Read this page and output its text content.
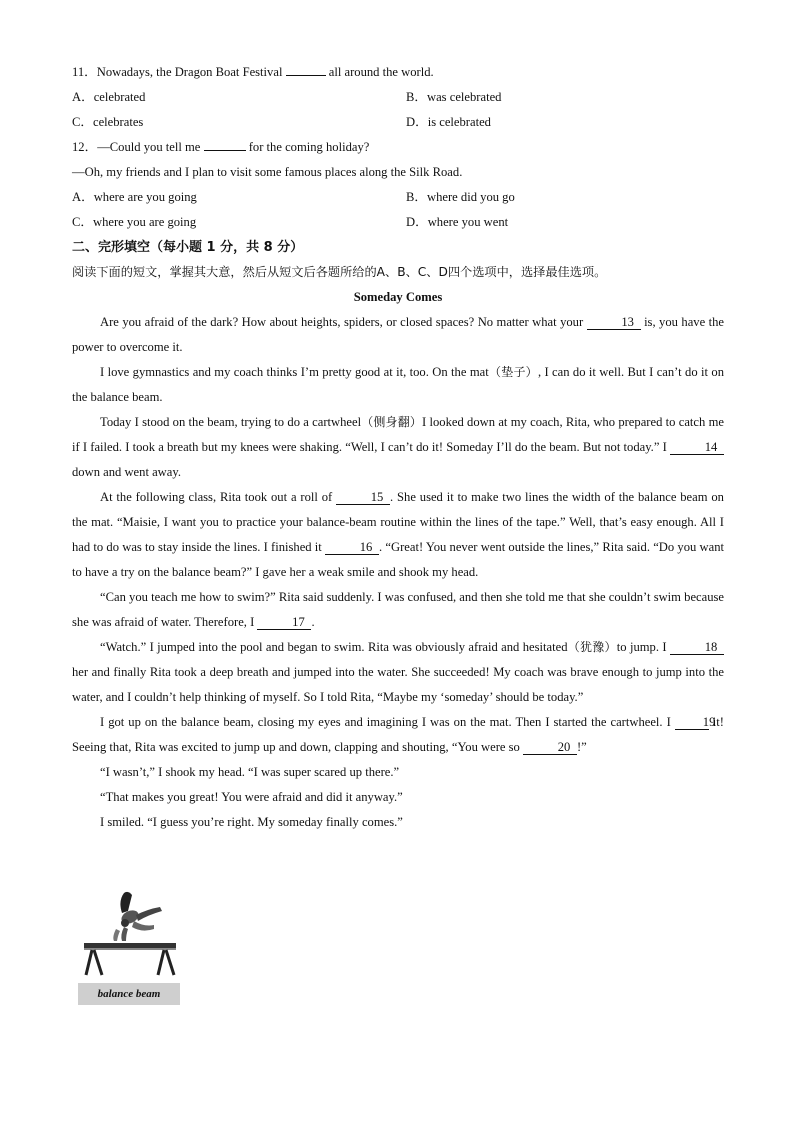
11．Nowadays, the Dragon Boat Festival	all around the world.
A．celebrated	B．was celebrated
C．celebrates	D．is celebrated
12．—Could you tell me	for the coming holiday?
—Oh, my friends and I plan to visit some famous places along the Silk Road.
A．where are you going	B．where did you go
C．where you are going	D．where you went
二、完形填空（每小题 1 分，共 8 分）
阅读下面的短文，掌握其大意，然后从短文后各题所给的A、B、C、D四个选项中，选择最佳选项。
Someday Comes

Are you afraid of the dark? How about heights, spiders, or closed spaces? No matter what your	13 is, you have the power to overcome it.

I love gymnastics and my coach thinks I’m pretty good at it, too. On the mat（垫子）, I can do it well. But I can’t do it on the balance beam.

Today I stood on the beam, trying to do a cartwheel（侧身翻）I looked down at my coach, Rita, who prepared to catch me if I failed. I took a breath but my knees were shaking. “Well, I can’t do it! Someday I’ll do the beam. But not today.” I	14 down and went away.

At the following class, Rita took out a roll of	15 . She used it to make two lines the width of the balance beam on the mat. “Maisie, I want you to practice your balance-beam routine within the lines of the tape.” Well, that’s easy enough. All I had to do was to stay inside the lines. I finished it	16 . “Great! You never went outside the lines,” Rita said. “Do you want to have a try on the balance beam?” I gave her a weak smile and shook my head.

“Can you teach me how to swim?” Rita said suddenly. I was confused, and then she told me that she couldn’t swim because she was afraid of water. Therefore, I	17 .

“Watch.” I jumped into the pool and began to swim. Rita was obviously afraid and hesitated（犹豫）to jump. I	18 her and finally Rita took a deep breath and jumped into the water. She succeeded! My coach was brave enough to jump into the water, and I couldn’t help thinking of myself. So I told Rita, “Maybe my ‘someday’ should be today.”

I got up on the balance beam, closing my eyes and imagining I was on the mat. Then I started the cartwheel. I	19 it! Seeing that, Rita was excited to jump up and down, clapping and shouting, “You were so	20 !”

“I wasn’t,” I shook my head. “I was super scared up there.”

“That makes you great! You were afraid and did it anyway.”

I smiled. “I guess you’re right. My someday finally comes.”

balance beam
